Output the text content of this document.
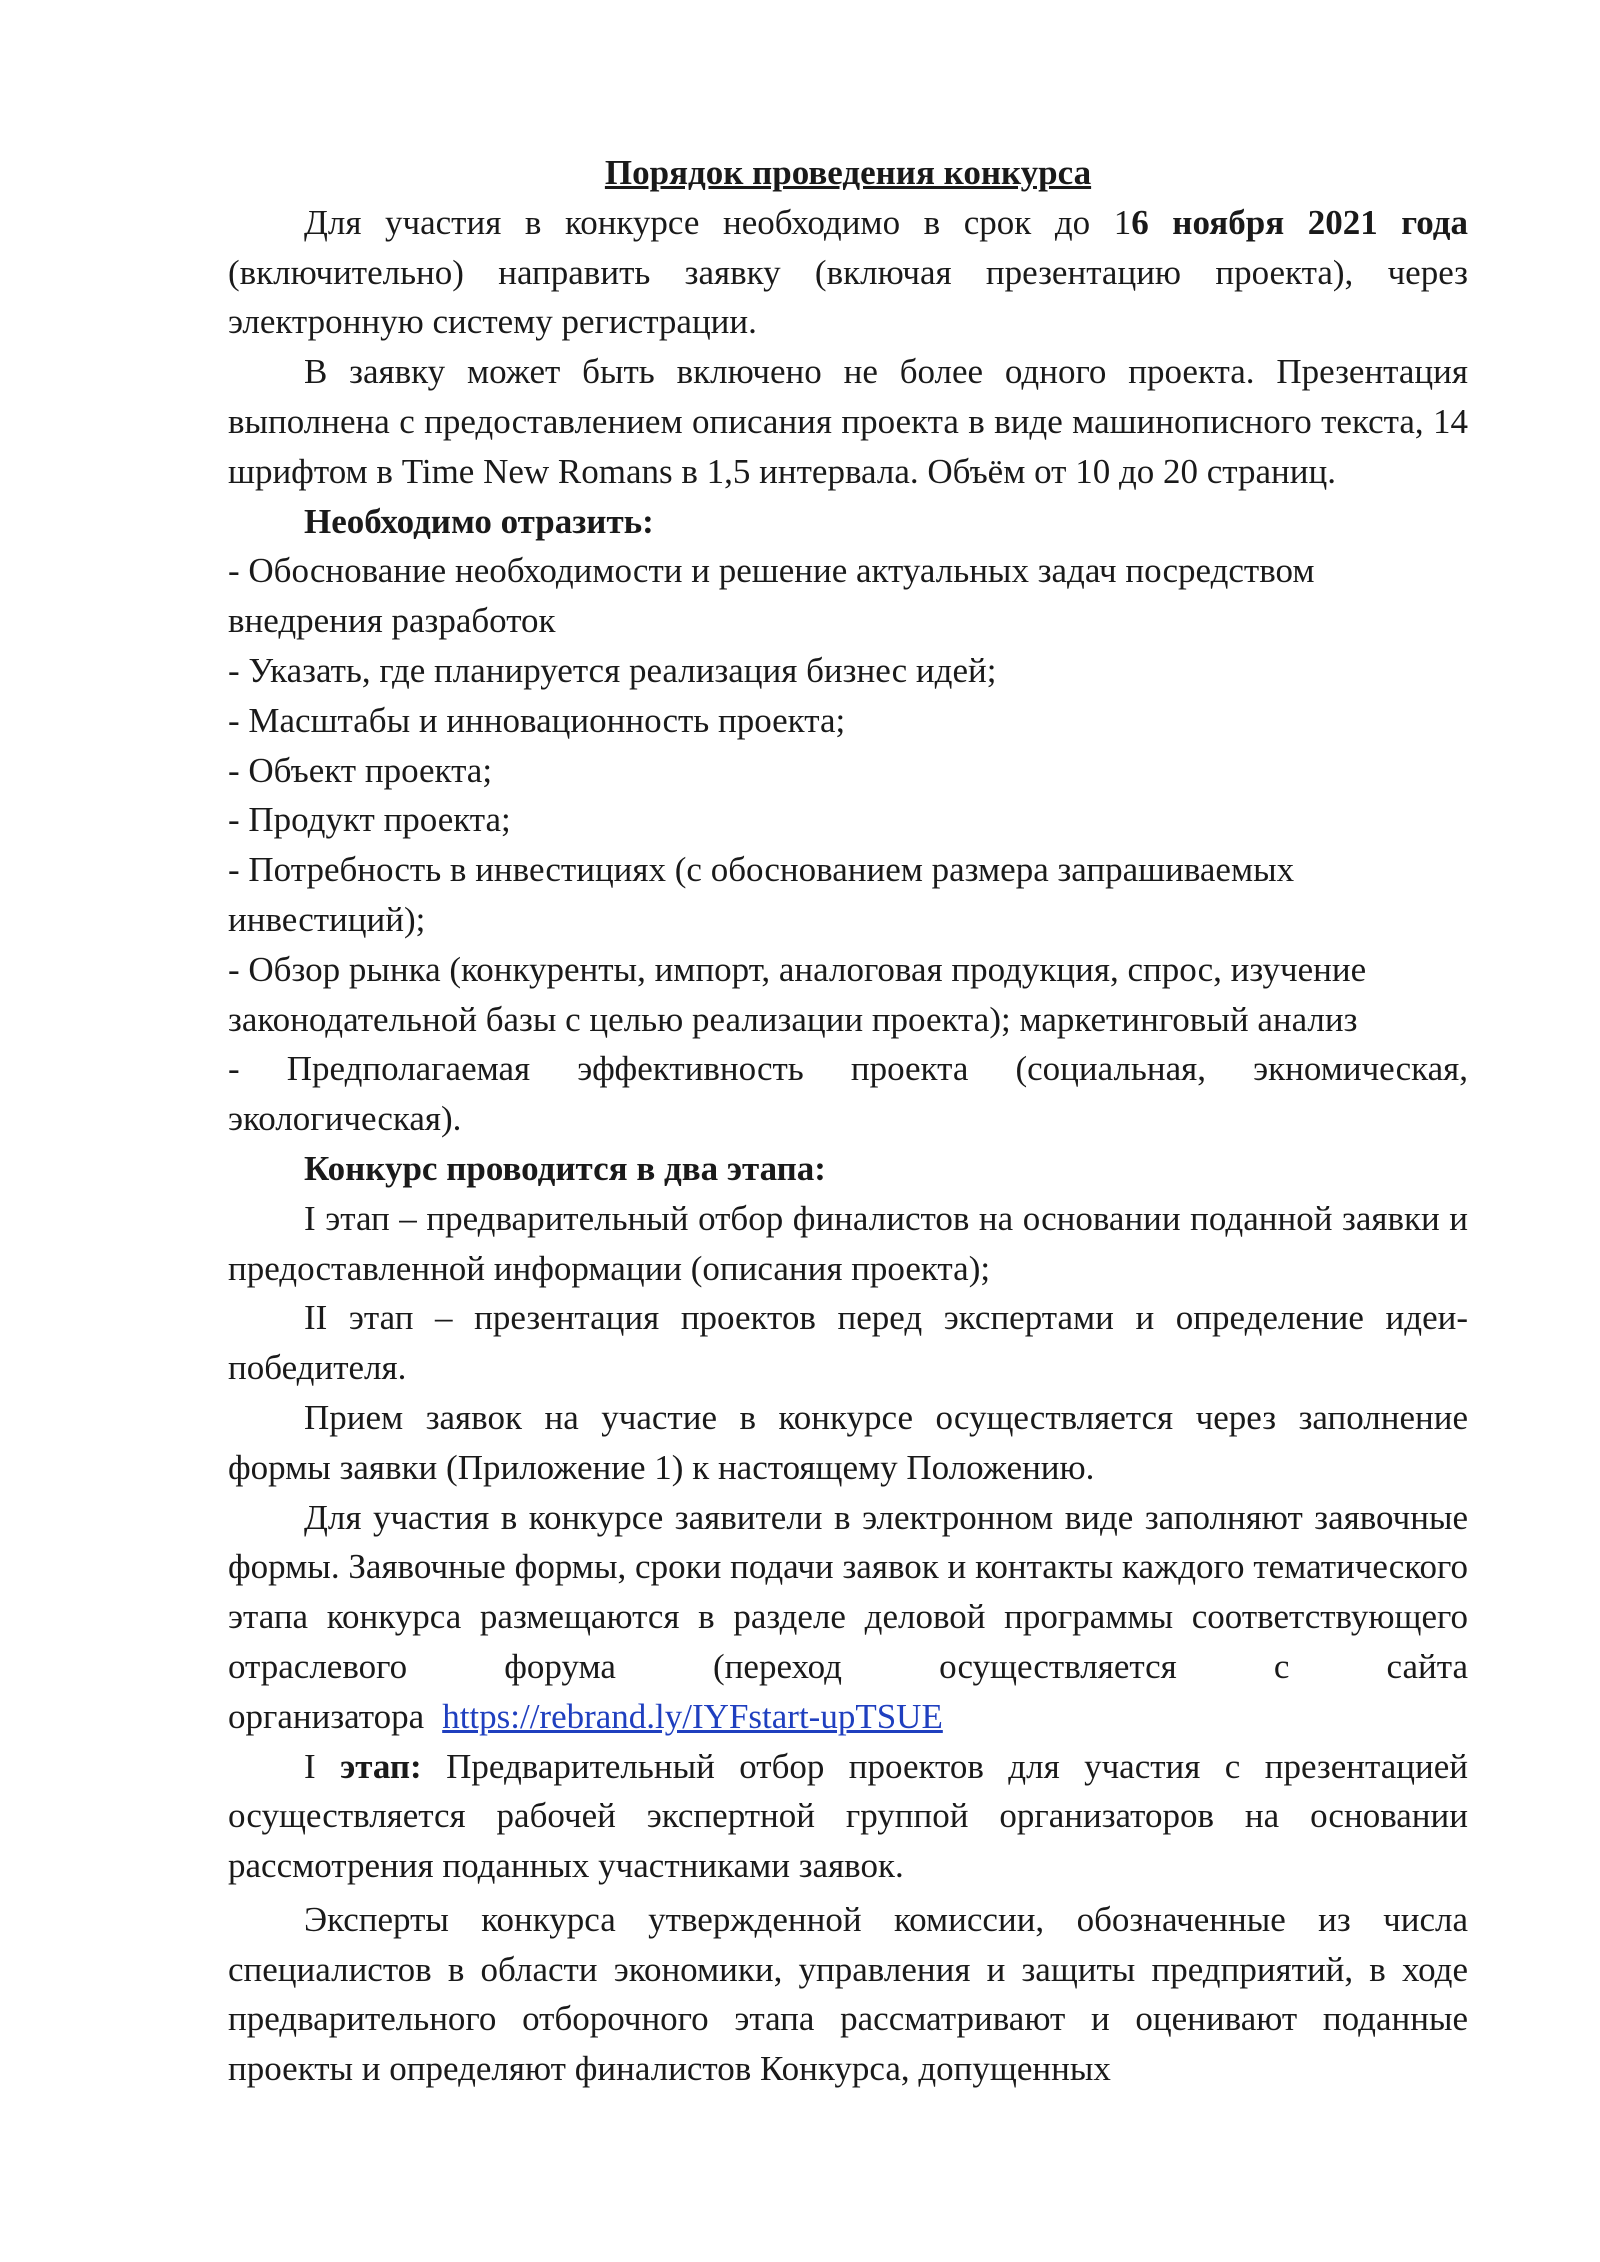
Порядок проведения конкурса

Для участия в конкурсе необходимо в срок до 16 ноября 2021 года (включительно) направить заявку (включая презентацию проекта), через электронную систему регистрации.

В заявку может быть включено не более одного проекта. Презентация выполнена с предоставлением описания проекта в виде машинописного текста, 14 шрифтом в Time New Romans в 1,5 интервала. Объём от 10 до 20 страниц.

Необходимо отразить:

- Обоснование необходимости и решение актуальных задач посредством внедрения разработок

- Указать, где планируется реализация бизнес идей;

- Масштабы и инновационность проекта;

- Объект проекта;

- Продукт проекта;

- Потребность в инвестициях (с обоснованием размера запрашиваемых инвестиций);

- Обзор рынка (конкуренты, импорт, аналоговая продукция, спрос, изучение законодательной базы с целью реализации проекта); маркетинговый анализ

- Предполагаемая эффективность проекта (социальная, экномическая, экологическая).

Конкурс проводится в два этапа:

I этап – предварительный отбор финалистов на основании поданной заявки и предоставленной информации (описания проекта);

II этап – презентация проектов перед экспертами и определение идеи-победителя.

Прием заявок на участие в конкурсе осуществляется через заполнение формы заявки (Приложение 1) к настоящему Положению.

Для участия в конкурсе заявители в электронном виде заполняют заявочные формы. Заявочные формы, сроки подачи заявок и контакты каждого тематического этапа конкурса размещаются в разделе деловой программы соответствующего отраслевого форума (переход осуществляется с сайта организатора https://rebrand.ly/IYFstart-upTSUE

I этап: Предварительный отбор проектов для участия с презентацией осуществляется рабочей экспертной группой организаторов на основании рассмотрения поданных участниками заявок.

Эксперты конкурса утвержденной комиссии, обозначенные из числа специалистов в области экономики, управления и защиты предприятий, в ходе предварительного отборочного этапа рассматривают и оценивают поданные проекты и определяют финалистов Конкурса, допущенных
